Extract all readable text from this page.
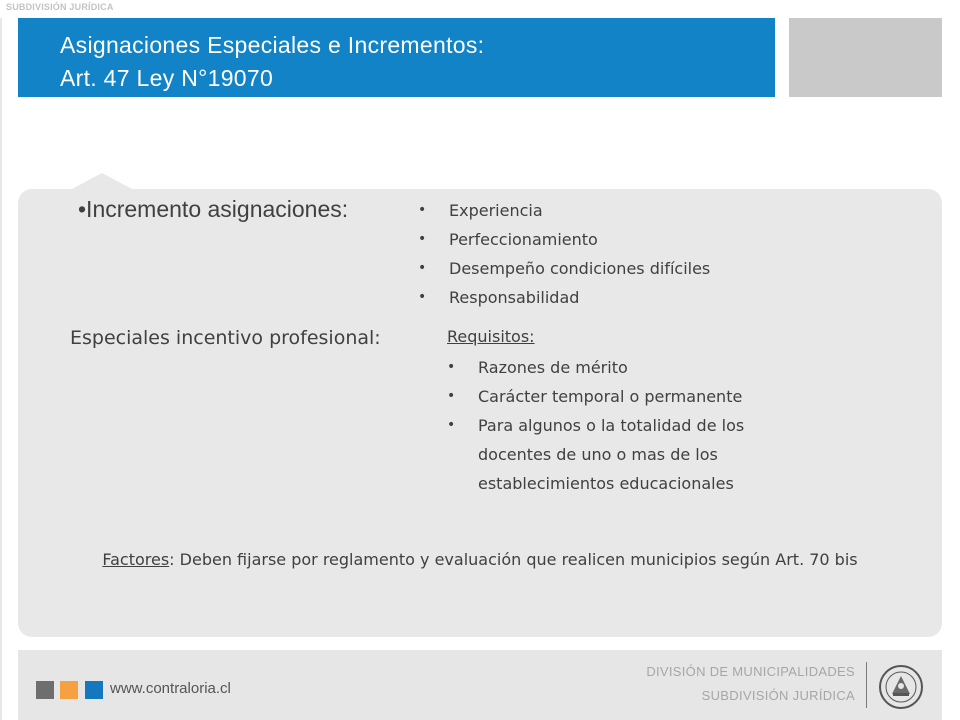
SUBDIVISIÓN JURÍDICA
Asignaciones Especiales e Incrementos:
Art. 47 Ley N°19070
•Incremento asignaciones:	• Experiencia
• Perfeccionamiento
• Desempeño condiciones difíciles
• Responsabilidad
Especiales incentivo profesional:	Requisitos:
• Razones de mérito
• Carácter temporal o permanente
• Para algunos o la totalidad de los docentes de uno o mas de los establecimientos educacionales
Factores: Deben fijarse por reglamento y evaluación que realicen municipios según Art. 70 bis
www.contraloria.cl
DIVISIÓN DE MUNICIPALIDADES
SUBDIVISIÓN JURÍDICA
